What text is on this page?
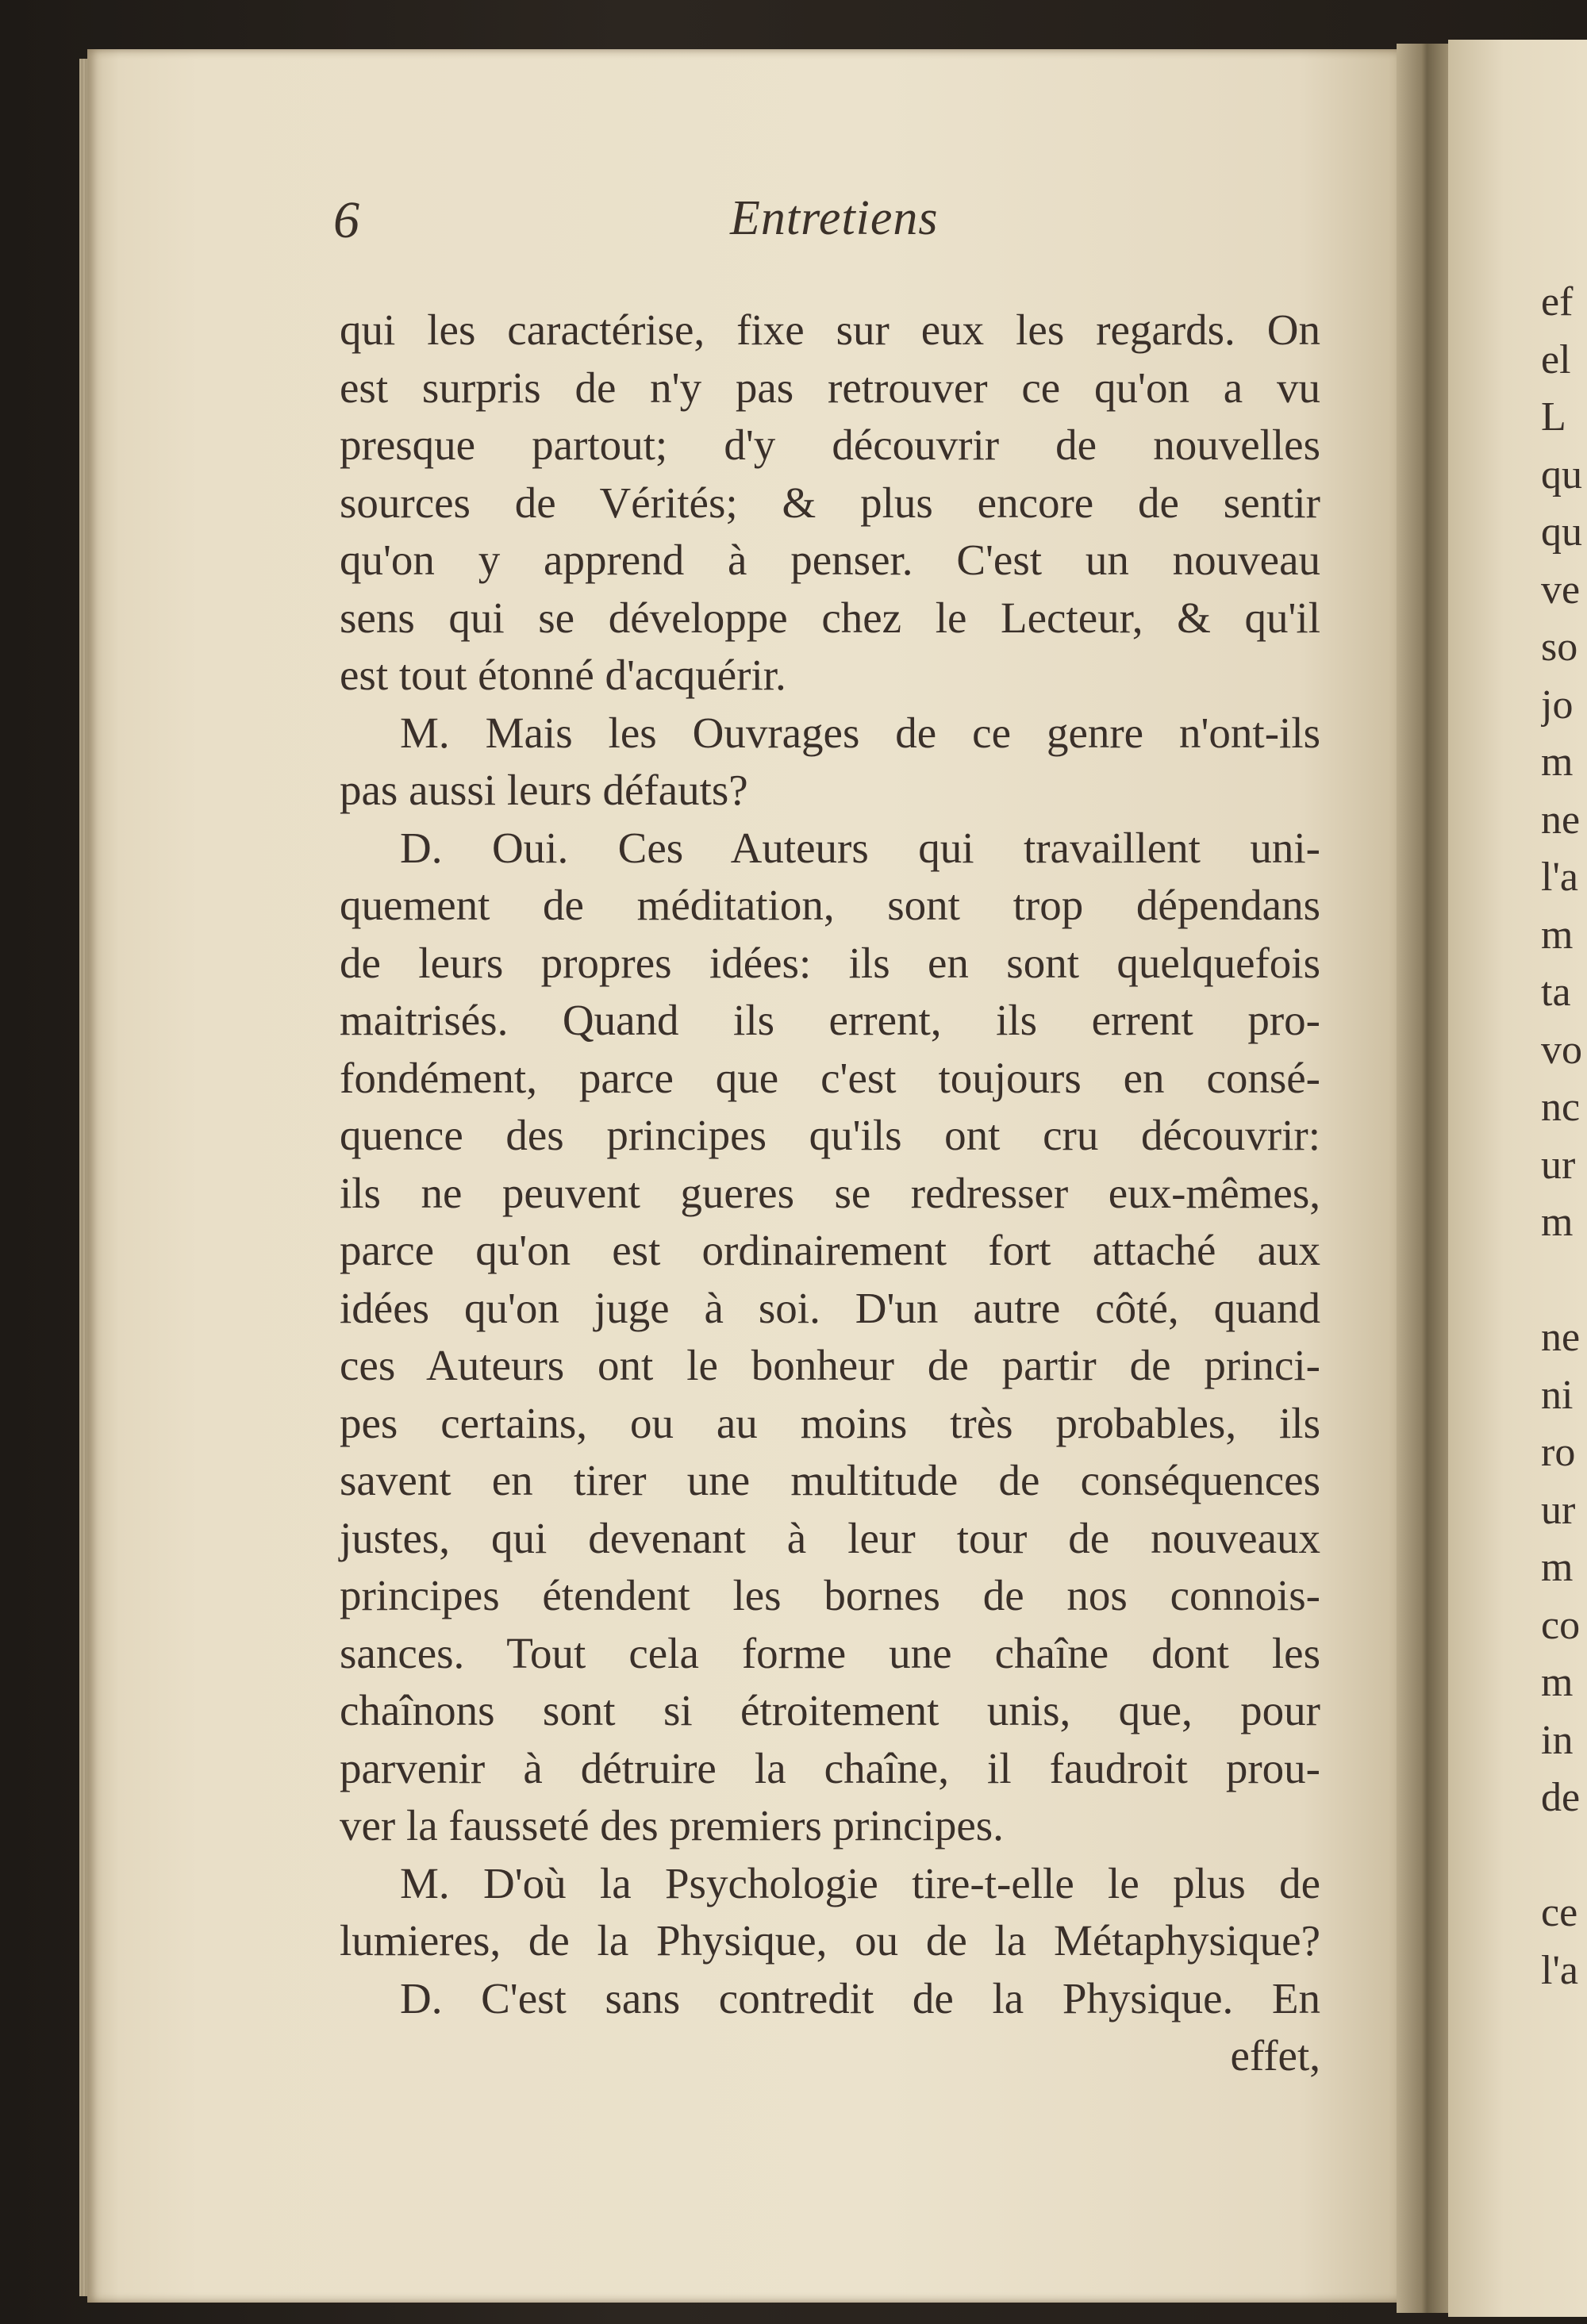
6	Entretiens
qui les caractérise, fixe sur eux les regards. On
est surpris de n'y pas retrouver ce qu'on a vu
presque partout; d'y découvrir de nouvelles
sources de Vérités; & plus encore de sentir
qu'on y apprend à penser. C'est un nouveau
sens qui se développe chez le Lecteur, & qu'il
est tout étonné d'acquérir.
M. Mais les Ouvrages de ce genre n'ont-ils
pas aussi leurs défauts?
D. Oui. Ces Auteurs qui travaillent uni-
quement de méditation, sont trop dépendans
de leurs propres idées: ils en sont quelquefois
maitrisés. Quand ils errent, ils errent pro-
fondément, parce que c'est toujours en consé-
quence des principes qu'ils ont cru découvrir:
ils ne peuvent gueres se redresser eux-mêmes,
parce qu'on est ordinairement fort attaché aux
idées qu'on juge à soi. D'un autre côté, quand
ces Auteurs ont le bonheur de partir de princi-
pes certains, ou au moins très probables, ils
savent en tirer une multitude de conséquences
justes, qui devenant à leur tour de nouveaux
principes étendent les bornes de nos connois-
sances. Tout cela forme une chaîne dont les
chaînons sont si étroitement unis, que, pour
parvenir à détruire la chaîne, il faudroit prou-
ver la fausseté des premiers principes.
M. D'où la Psychologie tire-t-elle le plus de
lumieres, de la Physique, ou de la Métaphysique?
D. C'est sans contredit de la Physique. En
effet,
ef
el
L
qu
qu
ve
so
jo
m
ne
l'a
m
ta
vo
nc
ur
m
ne
ni
ro
ur
m
co
m
in
de
ce
l'a
